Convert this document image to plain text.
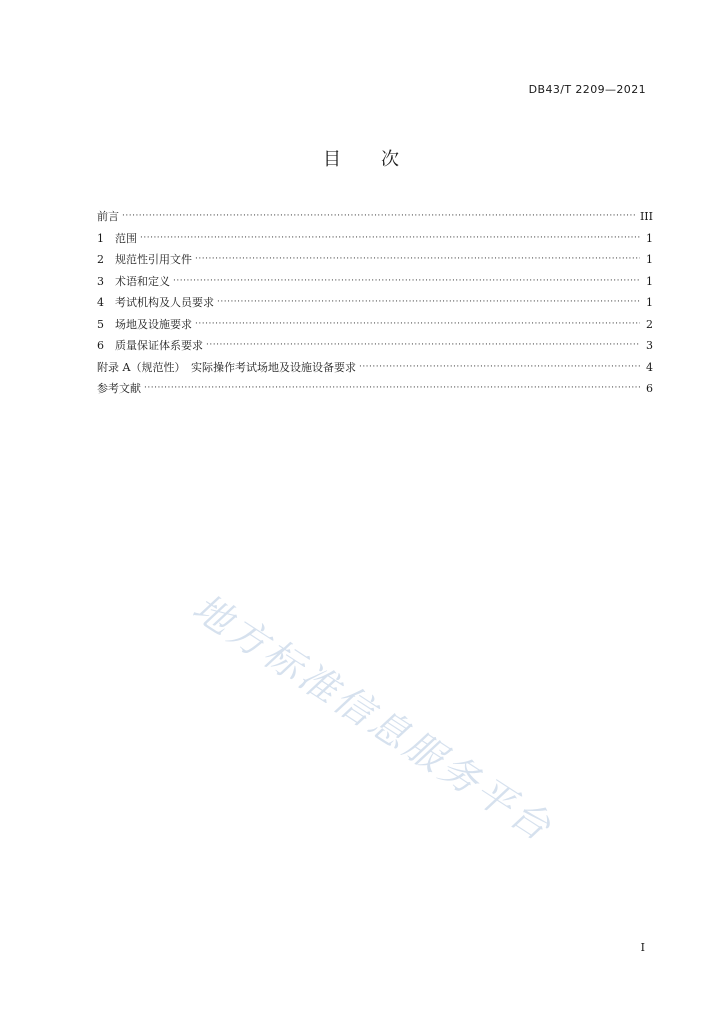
DB43/T 2209—2021
目 次
前言 ·····	III
1	范围 ·····	1
2	规范性引用文件 ·····	1
3	术语和定义 ·····	1
4	考试机构及人员要求 ·····	1
5	场地及设施要求 ·····	2
6	质量保证体系要求 ·····	3
附录 A（规范性）　实际操作考试场地及设施设备要求 ·····	4
参考文献 ·····	6
地方标准信息服务平台
I
